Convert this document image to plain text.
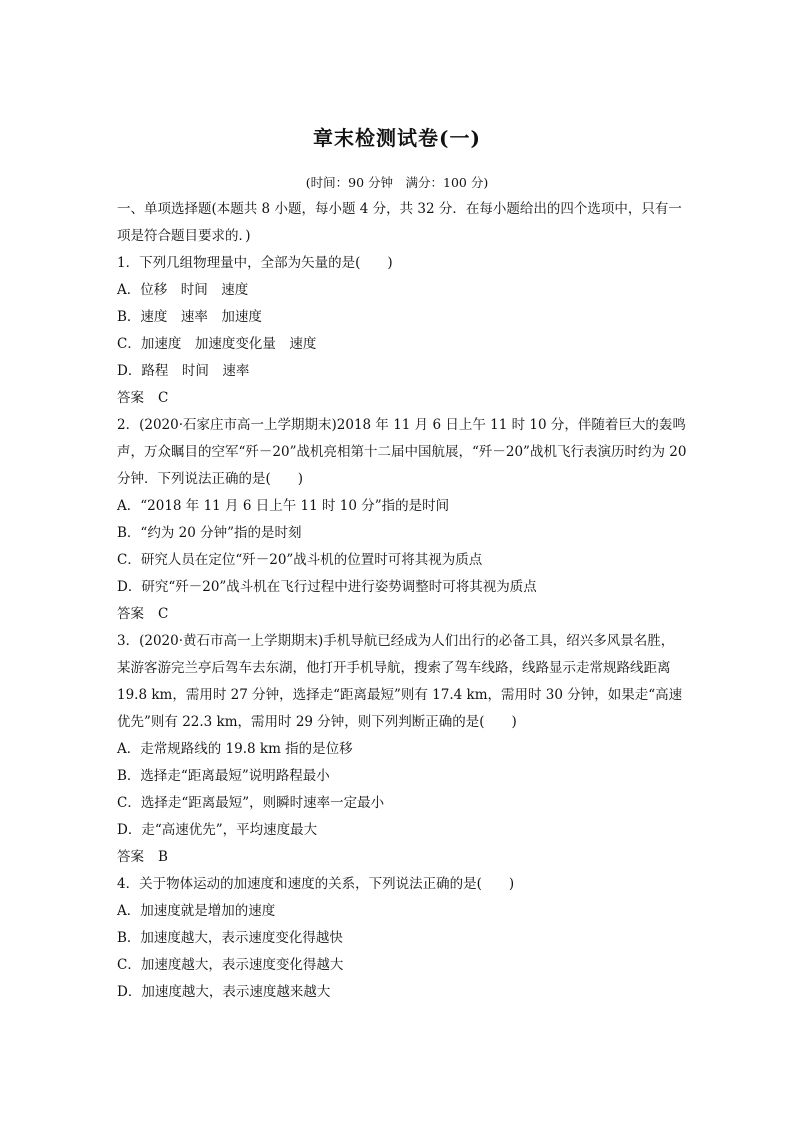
章末检测试卷(一)
(时间：90 分钟　满分：100 分)

一、单项选择题(本题共 8 小题，每小题 4 分，共 32 分．在每小题给出的四个选项中，只有一项是符合题目要求的．)

1．下列几组物理量中，全部为矢量的是(　　)

A．位移　时间　速度

B．速度　速率　加速度

C．加速度　加速度变化量　速度

D．路程　时间　速率

答案 C

2．(2020·石家庄市高一上学期期末)2018 年 11 月 6 日上午 11 时 10 分，伴随着巨大的轰鸣声，万众瞩目的空军“歼－20”战机亮相第十二届中国航展，“歼－20”战机飞行表演历时约为 20 分钟．下列说法正确的是(　　)

A．“2018 年 11 月 6 日上午 11 时 10 分”指的是时间

B．“约为 20 分钟”指的是时刻

C．研究人员在定位“歼－20”战斗机的位置时可将其视为质点

D．研究“歼－20”战斗机在飞行过程中进行姿势调整时可将其视为质点

答案 C

3．(2020·黄石市高一上学期期末)手机导航已经成为人们出行的必备工具，绍兴多风景名胜，某游客游完兰亭后驾车去东湖，他打开手机导航，搜索了驾车线路，线路显示走常规路线距离 19.8 km，需用时 27 分钟，选择走“距离最短”则有 17.4 km，需用时 30 分钟，如果走“高速优先”则有 22.3 km，需用时 29 分钟，则下列判断正确的是(　　)

A．走常规路线的 19.8 km 指的是位移

B．选择走“距离最短”说明路程最小

C．选择走“距离最短”，则瞬时速率一定最小

D．走“高速优先”，平均速度最大

答案 B

4．关于物体运动的加速度和速度的关系，下列说法正确的是(　　)

A．加速度就是增加的速度

B．加速度越大，表示速度变化得越快

C．加速度越大，表示速度变化得越大

D．加速度越大，表示速度越来越大
